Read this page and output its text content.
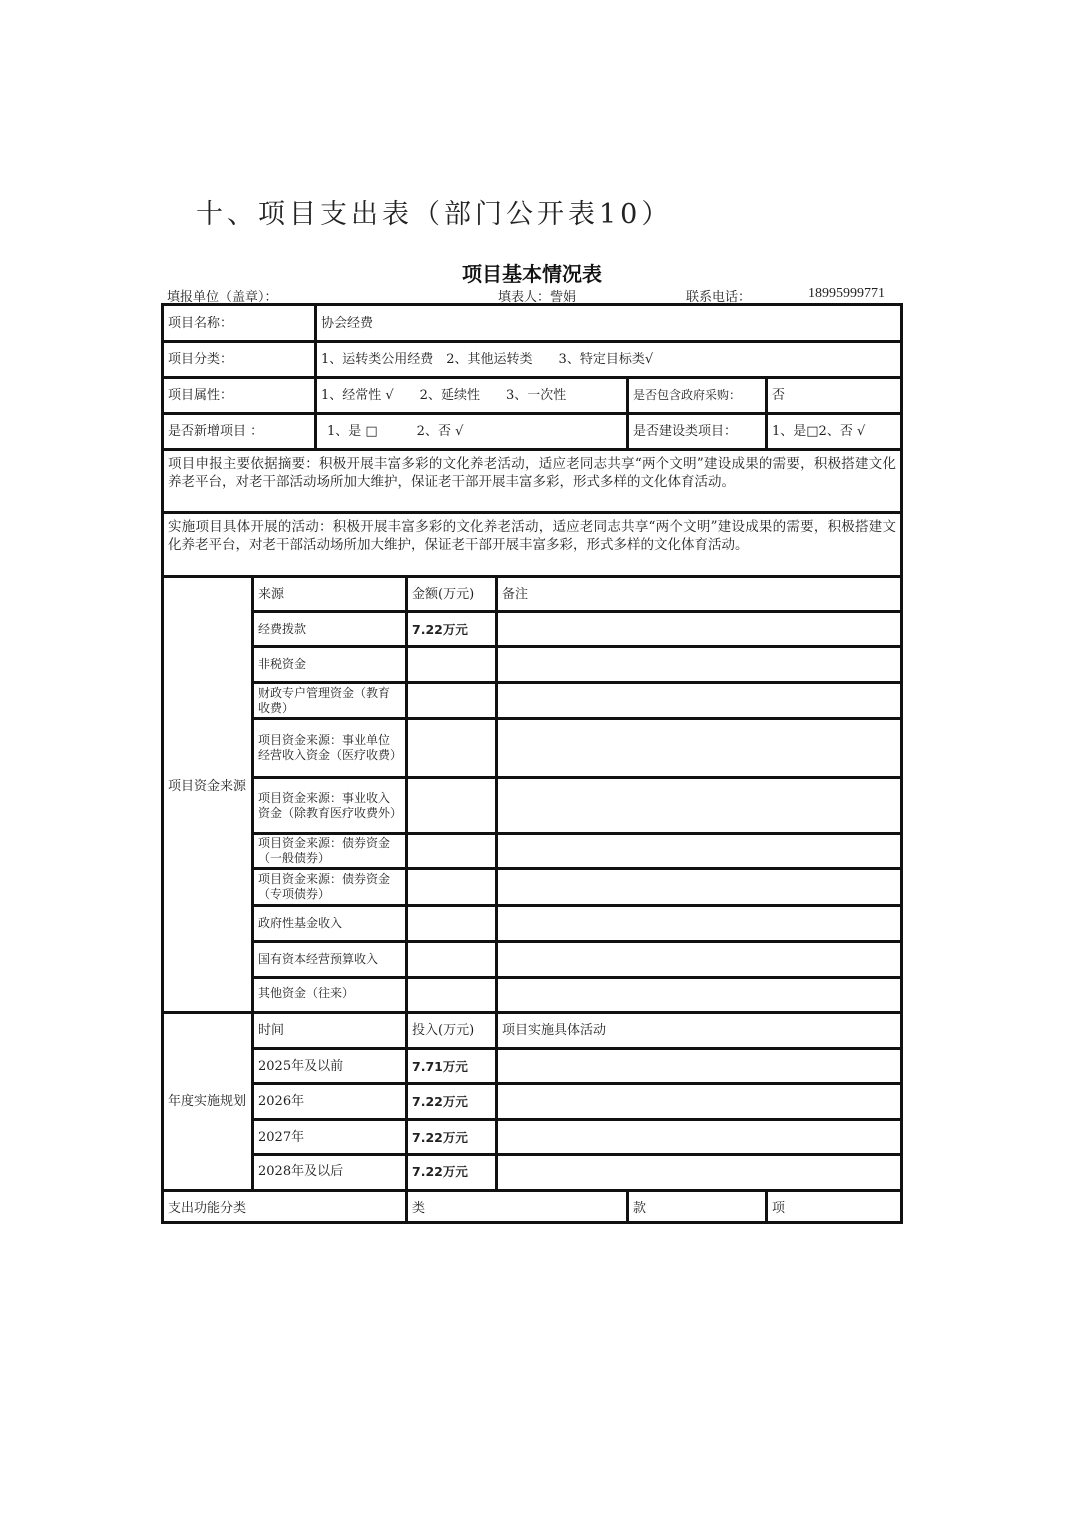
十、项目支出表（部门公开表10）
项目基本情况表
填报单位（盖章）：	填表人：訾娟	联系电话：	18995999771
项目名称：	协会经费
项目分类：	1、运转类公用经费　2、其他运转类　　3、特定目标类√
项目属性：	1、经常性 √　　2、延续性　　3、一次性	是否包含政府采购：	否
是否新增项目 ：	1、是 □　　　2、否 √	是否建设类项目：	1、是□2、否 √
项目申报主要依据摘要：积极开展丰富多彩的文化养老活动，适应老同志共享“两个文明”建设成果的需要，积极搭建文化养老平台，对老干部活动场所加大维护，保证老干部开展丰富多彩，形式多样的文化体育活动。
实施项目具体开展的活动：积极开展丰富多彩的文化养老活动，适应老同志共享“两个文明”建设成果的需要，积极搭建文化养老平台，对老干部活动场所加大维护，保证老干部开展丰富多彩，形式多样的文化体育活动。
项目资金来源
来源	金额(万元)	备注
经费拨款	7.22万元
非税资金
财政专户管理资金（教育收费）
项目资金来源：事业单位经营收入资金（医疗收费）
项目资金来源：事业收入资金（除教育医疗收费外）
项目资金来源：债券资金（一般债券）
项目资金来源：债券资金（专项债券）
政府性基金收入
国有资本经营预算收入
其他资金（往来）
年度实施规划
时间	投入(万元)	项目实施具体活动
2025年及以前	7.71万元
2026年	7.22万元
2027年	7.22万元
2028年及以后	7.22万元
支出功能分类	类	款	项
